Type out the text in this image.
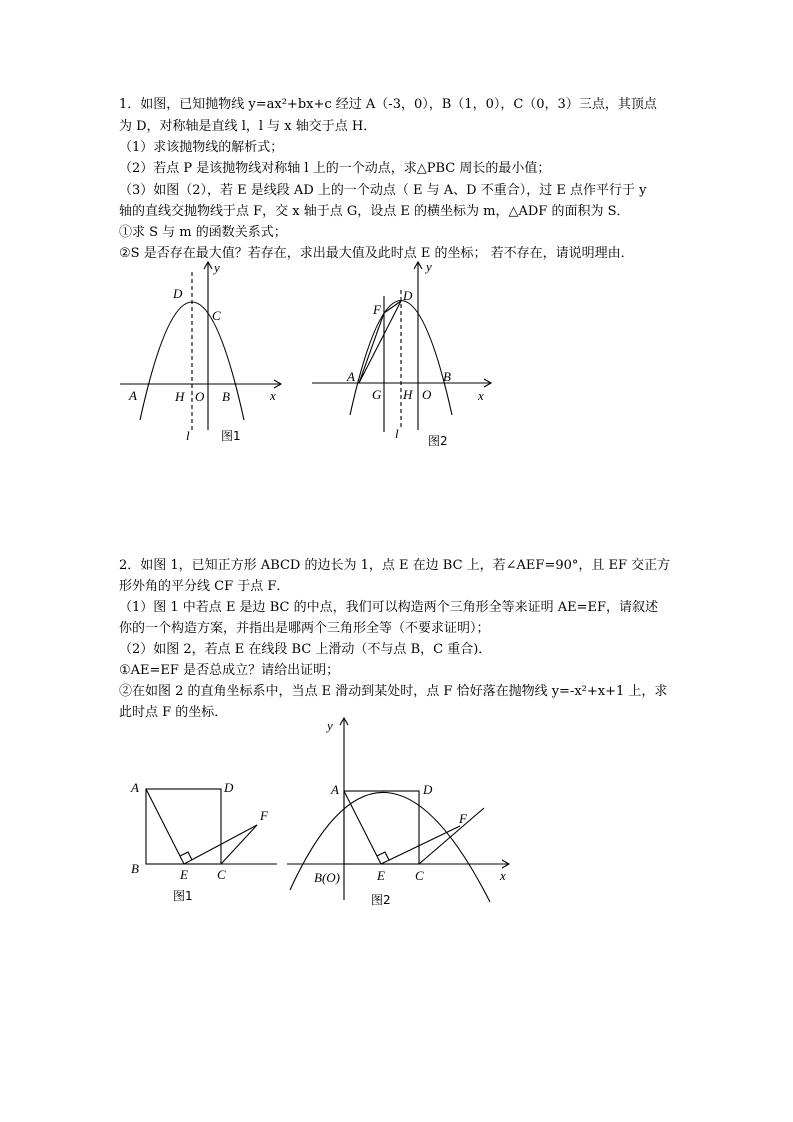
1．如图，已知抛物线 y=ax²+bx+c 经过 A（-3，0），B（1，0），C（0，3）三点，其顶点
为 D，对称轴是直线 l，l 与 x 轴交于点 H．
（1）求该抛物线的解析式；
（2）若点 P 是该抛物线对称轴 l 上的一个动点，求△PBC 周长的最小值；
（3）如图（2），若 E 是线段 AD 上的一个动点（ E 与 A、D 不重合），过 E 点作平行于 y
轴的直线交抛物线于点 F，交 x 轴于点 G，设点 E 的横坐标为 m，△ADF 的面积为 S．
①求 S 与 m 的函数关系式；
②S 是否存在最大值？若存在，求出最大值及此时点 E 的坐标； 若不存在，请说明理由．
y
D
C
A	H O B	x
l	图1
y
D
F
A	B
G H O	x
l 图2
2．如图 1，已知正方形 ABCD 的边长为 1，点 E 在边 BC 上，若∠AEF=90°，且 EF 交正方
形外角的平分线 CF 于点 F．
（1）图 1 中若点 E 是边 BC 的中点，我们可以构造两个三角形全等来证明 AE=EF，请叙述
你的一个构造方案，并指出是哪两个三角形全等（不要求证明）；
（2）如图 2，若点 E 在线段 BC 上滑动（不与点 B，C 重合)．
①AE=EF 是否总成立？请给出证明；
②在如图 2 的直角坐标系中，当点 E 滑动到某处时，点 F 恰好落在抛物线 y=-x²+x+1 上，求
此时点 F 的坐标．
A	D
F
B	E C
图1
y
A	D
F
B(O)	E C	x
图2
